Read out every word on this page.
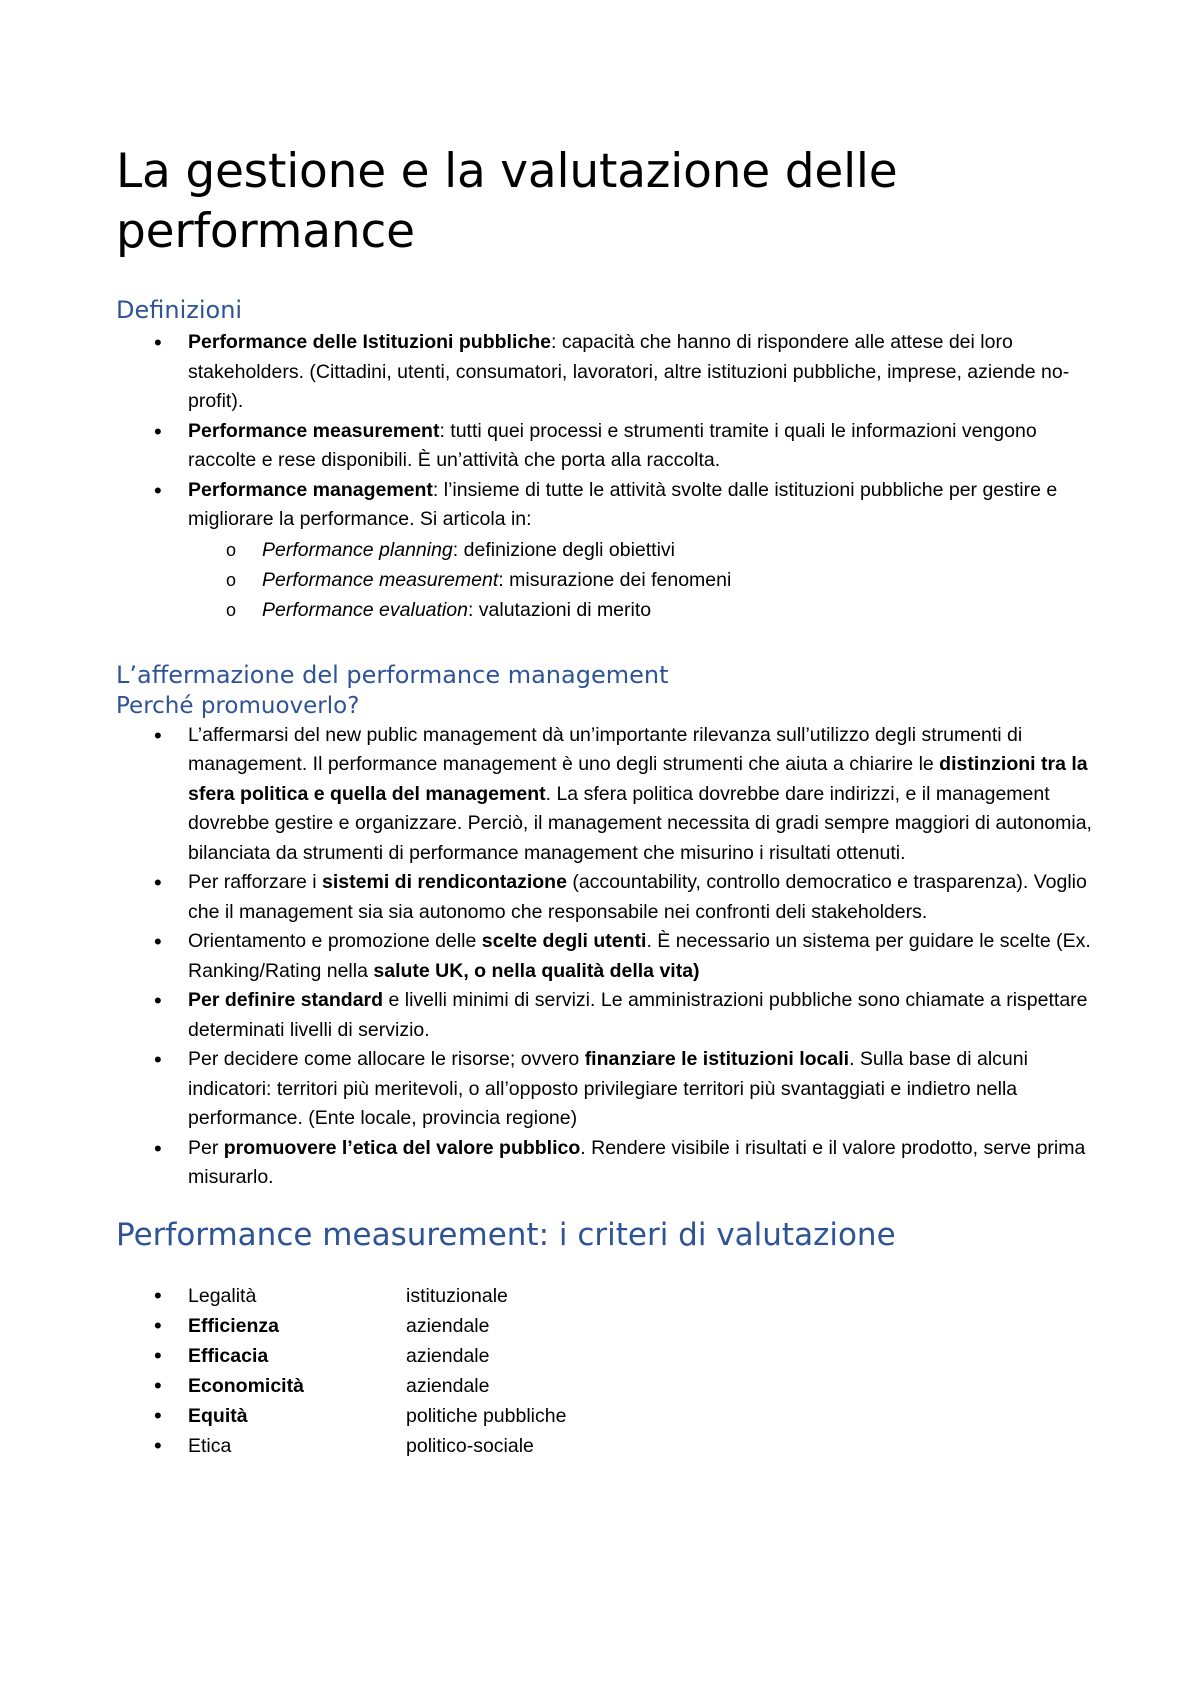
La gestione e la valutazione delle performance
Definizioni
• Performance delle Istituzioni pubbliche: capacità che hanno di rispondere alle attese dei loro stakeholders. (Cittadini, utenti, consumatori, lavoratori, altre istituzioni pubbliche, imprese, aziende no-profit).
• Performance measurement: tutti quei processi e strumenti tramite i quali le informazioni vengono raccolte e rese disponibili. È un’attività che porta alla raccolta.
• Performance management: l’insieme di tutte le attività svolte dalle istituzioni pubbliche per gestire e migliorare la performance. Si articola in:
o Performance planning: definizione degli obiettivi
o Performance measurement: misurazione dei fenomeni
o Performance evaluation: valutazioni di merito
L’affermazione del performance management
Perché promuoverlo?
• L’affermarsi del new public management dà un’importante rilevanza sull’utilizzo degli strumenti di management. Il performance management è uno degli strumenti che aiuta a chiarire le distinzioni tra la sfera politica e quella del management. La sfera politica dovrebbe dare indirizzi, e il management dovrebbe gestire e organizzare. Perciò, il management necessita di gradi sempre maggiori di autonomia, bilanciata da strumenti di performance management che misurino i risultati ottenuti.
• Per rafforzare i sistemi di rendicontazione (accountability, controllo democratico e trasparenza). Voglio che il management sia sia autonomo che responsabile nei confronti deli stakeholders.
• Orientamento e promozione delle scelte degli utenti. È necessario un sistema per guidare le scelte (Ex. Ranking/Rating nella salute UK, o nella qualità della vita)
• Per definire standard e livelli minimi di servizi. Le amministrazioni pubbliche sono chiamate a rispettare determinati livelli di servizio.
• Per decidere come allocare le risorse; ovvero finanziare le istituzioni locali. Sulla base di alcuni indicatori: territori più meritevoli, o all’opposto privilegiare territori più svantaggiati e indietro nella performance. (Ente locale, provincia regione)
• Per promuovere l’etica del valore pubblico. Rendere visibile i risultati e il valore prodotto, serve prima misurarlo.
Performance measurement: i criteri di valutazione
• Legalità	istituzionale
• Efficienza	aziendale
• Efficacia	aziendale
• Economicità	aziendale
• Equità	politiche pubbliche
• Etica	politico-sociale
